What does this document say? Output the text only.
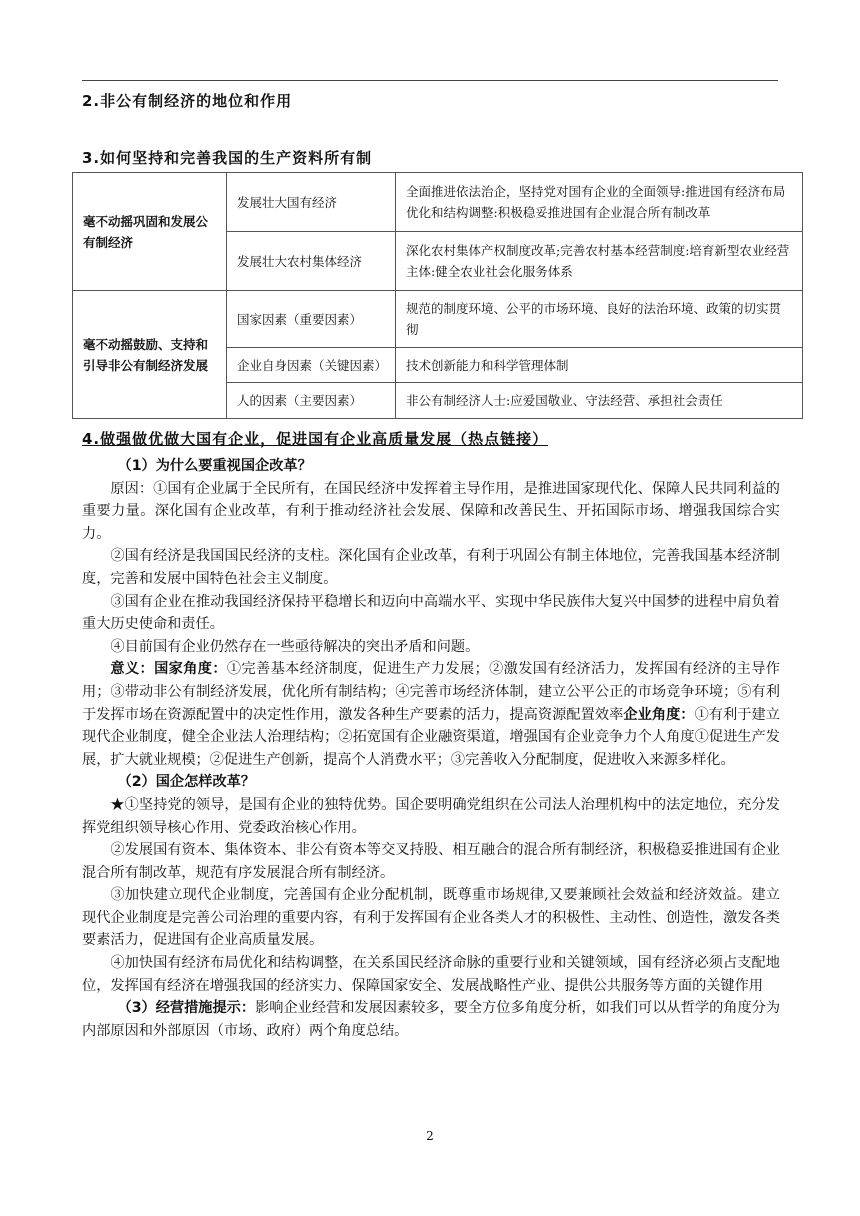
2.非公有制经济的地位和作用
3.如何坚持和完善我国的生产资料所有制
毫不动摇巩固和发展公有制经济	发展壮大国有经济	全面推进依法治企，坚持党对国有企业的全面领导:推进国有经济布局优化和结构调整:积极稳妥推进国有企业混合所有制改革
	发展壮大农村集体经济	深化农村集体产权制度改革;完善农村基本经营制度:培育新型农业经营主体:健全农业社会化服务体系
毫不动摇鼓励、支持和引导非公有制经济发展	国家因素（重要因素）	规范的制度环境、公平的市场环境、良好的法治环境、政策的切实贯彻
	企业自身因素（关键因素）	技术创新能力和科学管理体制
	人的因素（主要因素）	非公有制经济人士:应爱国敬业、守法经营、承担社会责任
4.做强做优做大国有企业，促进国有企业高质量发展（热点链接）

（1）为什么要重视国企改革？

原因：①国有企业属于全民所有，在国民经济中发挥着主导作用，是推进国家现代化、保障人民共同利益的重要力量。深化国有企业改革，有利于推动经济社会发展、保障和改善民生、开拓国际市场、增强我国综合实力。

②国有经济是我国国民经济的支柱。深化国有企业改革，有利于巩固公有制主体地位，完善我国基本经济制度，完善和发展中国特色社会主义制度。

③国有企业在推动我国经济保持平稳增长和迈向中高端水平、实现中华民族伟大复兴中国梦的进程中肩负着重大历史使命和责任。

④目前国有企业仍然存在一些亟待解决的突出矛盾和问题。

意义：国家角度：①完善基本经济制度，促进生产力发展；②激发国有经济活力，发挥国有经济的主导作用；③带动非公有制经济发展，优化所有制结构；④完善市场经济体制，建立公平公正的市场竞争环境；⑤有利于发挥市场在资源配置中的决定性作用，激发各种生产要素的活力，提高资源配置效率企业角度：①有利于建立现代企业制度，健全企业法人治理结构；②拓宽国有企业融资渠道，增强国有企业竞争力个人角度①促进生产发展，扩大就业规模；②促进生产创新，提高个人消费水平；③完善收入分配制度，促进收入来源多样化。

（2）国企怎样改革？

★①坚持党的领导，是国有企业的独特优势。国企要明确党组织在公司法人治理机构中的法定地位，充分发挥党组织领导核心作用、党委政治核心作用。

②发展国有资本、集体资本、非公有资本等交叉持股、相互融合的混合所有制经济，积极稳妥推进国有企业混合所有制改革，规范有序发展混合所有制经济。

③加快建立现代企业制度，完善国有企业分配机制，既尊重市场规律,又要兼顾社会效益和经济效益。建立现代企业制度是完善公司治理的重要内容，有利于发挥国有企业各类人才的积极性、主动性、创造性，激发各类要素活力，促进国有企业高质量发展。

④加快国有经济布局优化和结构调整，在关系国民经济命脉的重要行业和关键领域，国有经济必须占支配地位，发挥国有经济在增强我国的经济实力、保障国家安全、发展战略性产业、提供公共服务等方面的关键作用

（3）经营措施提示：影响企业经营和发展因素较多，要全方位多角度分析，如我们可以从哲学的角度分为内部原因和外部原因（市场、政府）两个角度总结。

2
